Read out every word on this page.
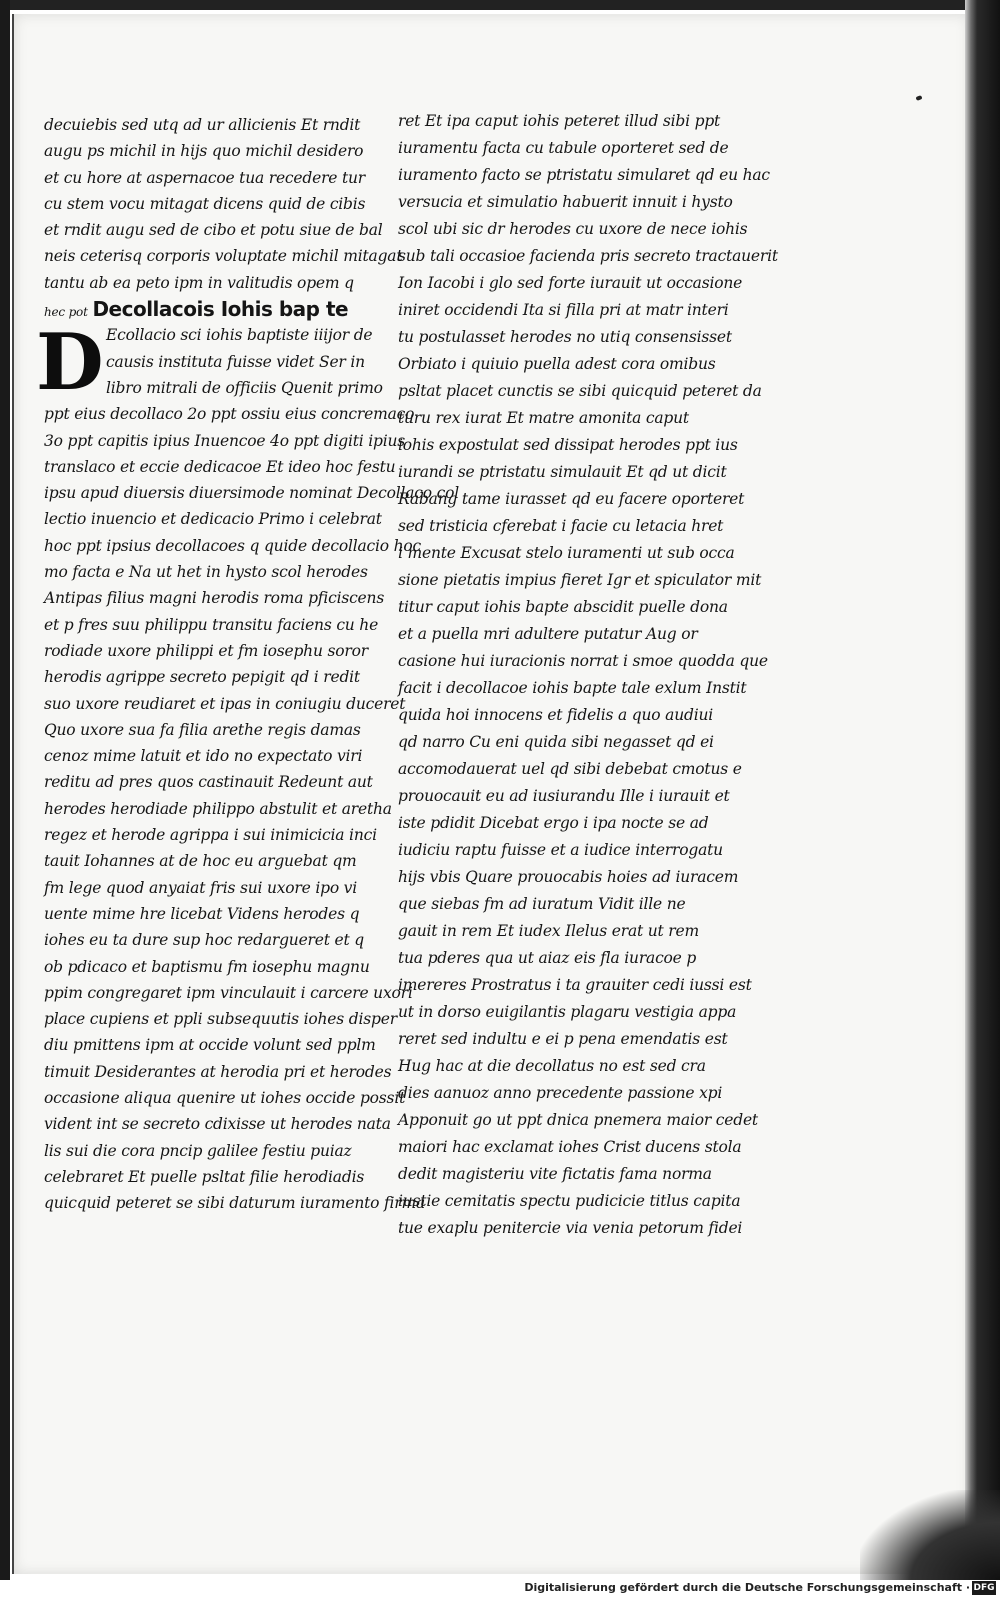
decuiebis sed utq ad ur allicienis Et rndit
augu ps michil in hijs quo michil desidero
et cu hore at aspernacoe tua recedere tur
cu stem vocu mitagat dicens quid de cibis
et rndit augu sed de cibo et potu siue de bal
neis ceterisq corporis voluptate michil mitagat
tantu ab ea peto ipm in valitudis opem q
hec pot Decollacois Iohis bap te
Ecollacio sci iohis baptiste iiijor de
causis instituta fuisse videt Ser in
libro mitrali de officiis Quenit primo
ppt eius decollaco 2o ppt ossiu eius concremaco
3o ppt capitis ipius Inuencoe 4o ppt digiti ipius
translaco et eccie dedicacoe Et ideo hoc festu
ipsu apud diuersis diuersimode nominat Decollaco col
lectio inuencio et dedicacio Primo i celebrat
hoc ppt ipsius decollacoes q quide decollacio hoc
mo facta e Na ut het in hysto scol herodes
Antipas filius magni herodis roma pficiscens
et p fres suu philippu transitu faciens cu he
rodiade uxore philippi et fm iosephu soror
herodis agrippe secreto pepigit qd i redit
suo uxore reudiaret et ipas in coniugiu duceret
Quo uxore sua fa filia arethe regis damas
cenoz mime latuit et ido no expectato viri
reditu ad pres quos castinauit Redeunt aut
herodes herodiade philippo abstulit et aretha
regez et herode agrippa i sui inimicicia inci
tauit Iohannes at de hoc eu arguebat qm
fm lege quod anyaiat fris sui uxore ipo vi
uente mime hre licebat Videns herodes q
iohes eu ta dure sup hoc redargueret et q
ob pdicaco et baptismu fm iosephu magnu
ppim congregaret ipm vinculauit i carcere uxori
place cupiens et ppli subsequutis iohes disper
diu pmittens ipm at occide volunt sed pplm
timuit Desiderantes at herodia pri et herodes
occasione aliqua quenire ut iohes occide possit
vident int se secreto cdixisse ut herodes nata
lis sui die cora pncip galilee festiu puiaz
celebraret Et puelle psltat filie herodiadis
quicquid peteret se sibi daturum iuramento firma
D
ret Et ipa caput iohis peteret illud sibi ppt
iuramentu facta cu tabule oporteret sed de
iuramento facto se ptristatu simularet qd eu hac
versucia et simulatio habuerit innuit i hysto
scol ubi sic dr herodes cu uxore de nece iohis
sub tali occasioe facienda pris secreto tractauerit
Ion Iacobi i glo sed forte iurauit ut occasione
iniret occidendi Ita si filla pri at matr interi
tu postulasset herodes no utiq consensisset
Orbiato i quiuio puella adest cora omibus
psltat placet cunctis se sibi quicquid peteret da
turu rex iurat Et matre amonita caput
iohis expostulat sed dissipat herodes ppt ius
iurandi se ptristatu simulauit Et qd ut dicit
Rabang tame iurasset qd eu facere oporteret
sed tristicia cferebat i facie cu letacia hret
i mente Excusat stelo iuramenti ut sub occa
sione pietatis impius fieret Igr et spiculator mit
titur caput iohis bapte abscidit puelle dona
et a puella mri adultere putatur Aug or
casione hui iuracionis norrat i smoe quodda que
facit i decollacoe iohis bapte tale exlum Instit
quida hoi innocens et fidelis a quo audiui
qd narro Cu eni quida sibi negasset qd ei
accomodauerat uel qd sibi debebat cmotus e
prouocauit eu ad iusiurandu Ille i iurauit et
iste pdidit Dicebat ergo i ipa nocte se ad
iudiciu raptu fuisse et a iudice interrogatu
hijs vbis Quare prouocabis hoies ad iuracem
que siebas fm ad iuratum Vidit ille ne
gauit in rem Et iudex Ilelus erat ut rem
tua pderes qua ut aiaz eis fla iuracoe p
imereres Prostratus i ta grauiter cedi iussi est
ut in dorso euigilantis plagaru vestigia appa
reret sed indultu e ei p pena emendatis est
Hug hac at die decollatus no est sed cra
dies aanuoz anno precedente passione xpi
Apponuit go ut ppt dnica pnemera maior cedet
maiori hac exclamat iohes Crist ducens stola
dedit magisteriu vite fictatis fama norma
iustie cemitatis spectu pudicicie titlus capita
tue exaplu penitercie via venia petorum fidei
Digitalisierung gefördert durch die Deutsche Forschungsgemeinschaft · DFG
